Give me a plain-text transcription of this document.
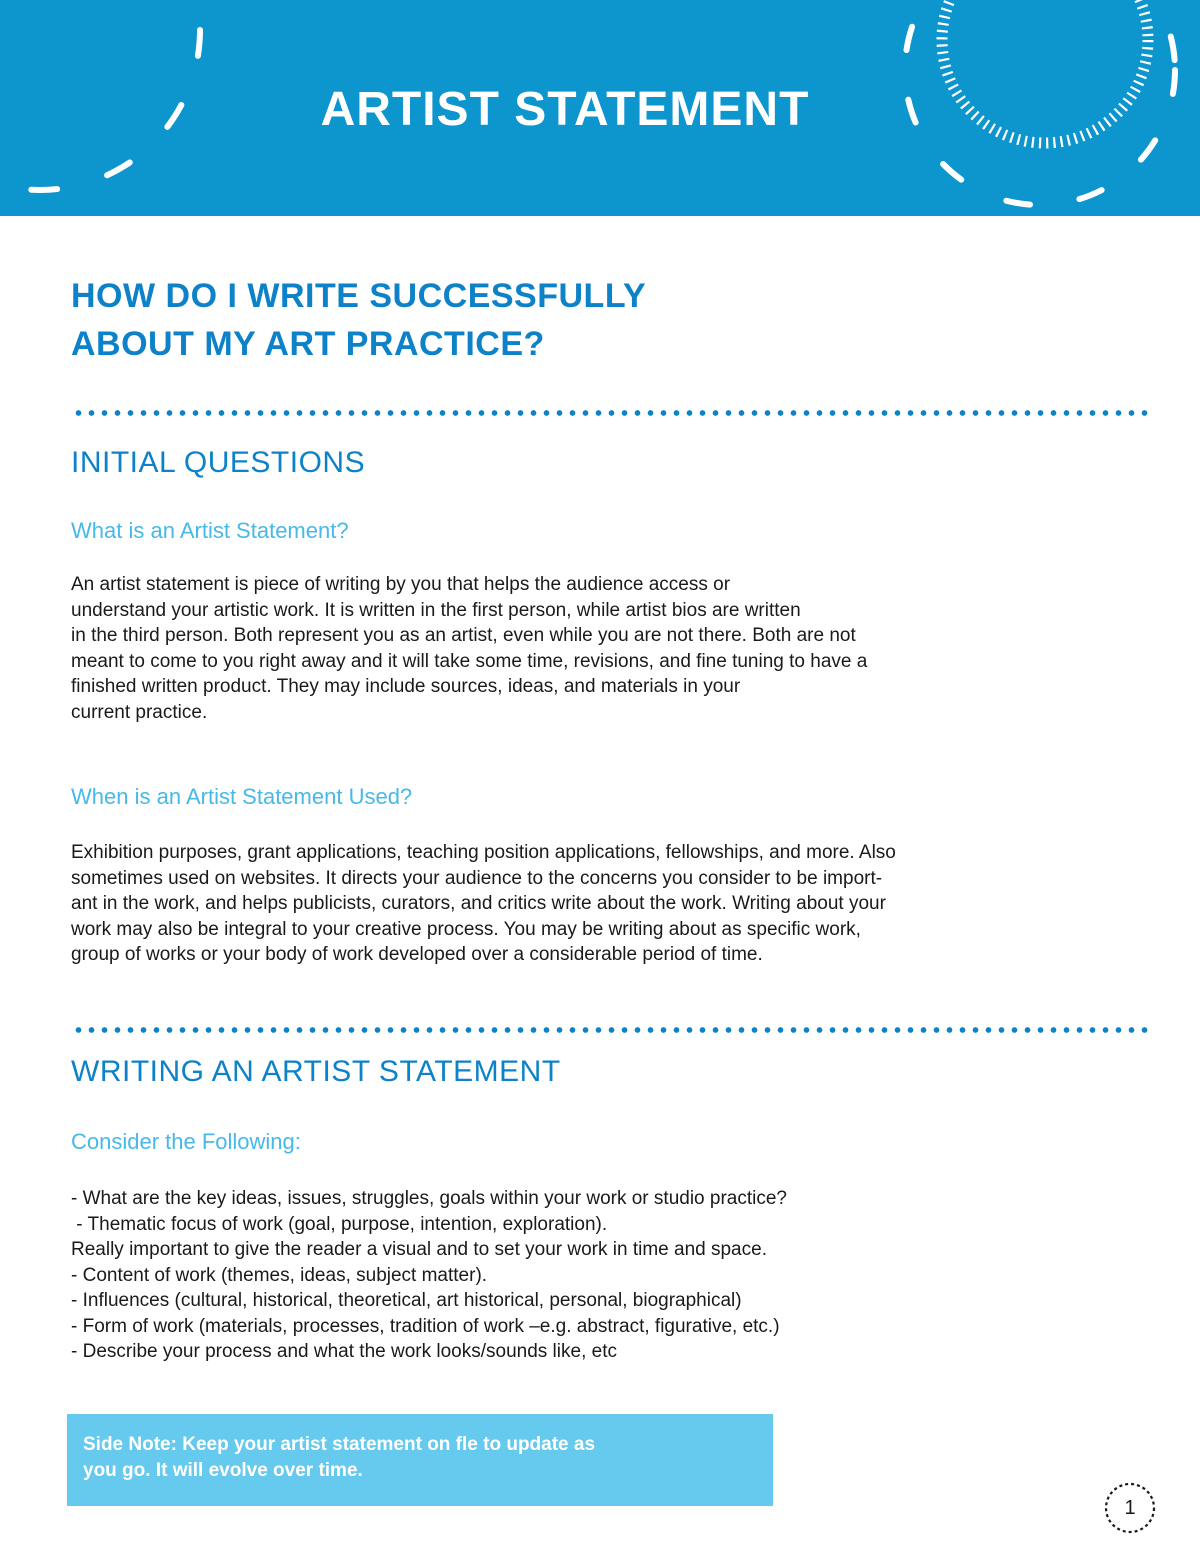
ARTIST STATEMENT
HOW DO I WRITE SUCCESSFULLY
ABOUT MY ART PRACTICE?
INITIAL QUESTIONS
What is an Artist Statement?

An artist statement is piece of writing by you that helps the audience access or
understand your artistic work. It is written in the first person, while artist bios are written
in the third person. Both represent you as an artist, even while you are not there. Both are not
meant to come to you right away and it will take some time, revisions, and fine tuning to have a
finished written product. They may include sources, ideas, and materials in your
current practice.

When is an Artist Statement Used?

Exhibition purposes, grant applications, teaching position applications, fellowships, and more. Also
sometimes used on websites. It directs your audience to the concerns you consider to be import-
ant in the work, and helps publicists, curators, and critics write about the work. Writing about your
work may also be integral to your creative process. You may be writing about as specific work,
group of works or your body of work developed over a considerable period of time.

WRITING AN ARTIST STATEMENT
Consider the Following:

- What are the key ideas, issues, struggles, goals within your work or studio practice?
- Thematic focus of work (goal, purpose, intention, exploration).
Really important to give the reader a visual and to set your work in time and space.
- Content of work (themes, ideas, subject matter).
- Influences (cultural, historical, theoretical, art historical, personal, biographical)
- Form of work (materials, processes, tradition of work –e.g. abstract, figurative, etc.)
- Describe your process and what the work looks/sounds like, etc

Side Note: Keep your artist statement on fle to update as
you go. It will evolve over time.
1
